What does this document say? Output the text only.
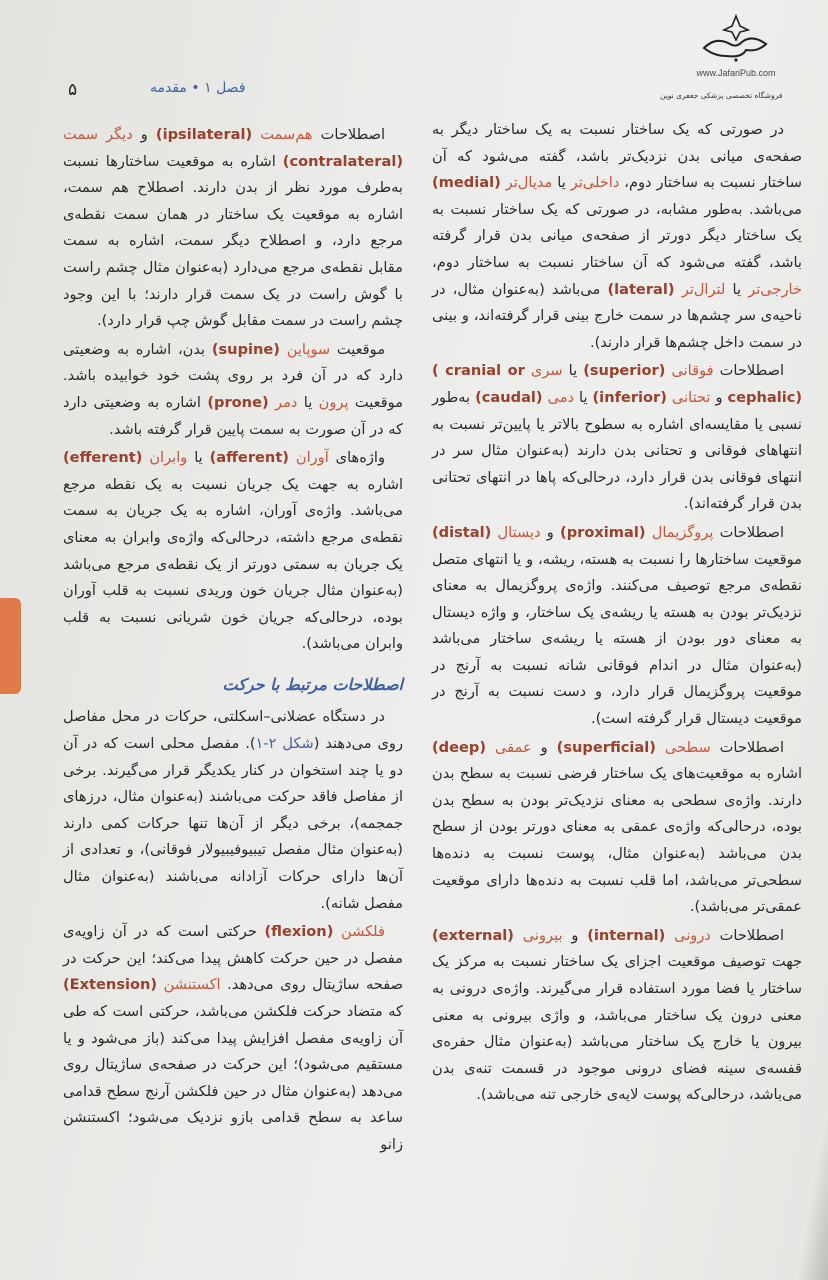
www.JafariPub.com
فروشگاه تخصصی پزشکی جعفری نوین
۵	فصل ۱ • مقدمه

در صورتی که یک ساختار نسبت به یک ساختار دیگر به صفحه‌ی میانی بدن نزدیک‌تر باشد، گفته می‌شود که آن ساختار نسبت به ساختار دوم، داخلی‌تر یا مدیال‌تر (medial) می‌باشد. به‌طور مشابه، در صورتی که یک ساختار نسبت به یک ساختار دیگر دورتر از صفحه‌ی میانی بدن قرار گرفته باشد، گفته می‌شود که آن ساختار نسبت به ساختار دوم، خارجی‌تر یا لترال‌تر (lateral) می‌باشد (به‌عنوان مثال، در ناحیه‌ی سر چشم‌ها در سمت خارج بینی قرار گرفته‌اند، و بینی در سمت داخل چشم‌ها قرار دارند).

اصطلاحات فوقانی (superior) یا سری ( cranial or cephalic) و تحتانی (inferior) یا دمی (caudal) به‌طور نسبی یا مقایسه‌ای اشاره به سطوح بالاتر یا پایین‌تر نسبت به انتهاهای فوقانی و تحتانی بدن دارند (به‌عنوان مثال سر در انتهای فوقانی بدن قرار دارد، درحالی‌که پاها در انتهای تحتانی بدن قرار گرفته‌اند).

اصطلاحات پروگزیمال (proximal) و دیستال (distal) موقعیت ساختارها را نسبت به هسته، ریشه، و یا انتهای متصل نقطه‌ی مرجع توصیف می‌کنند. واژه‌ی پروگزیمال به معنای نزدیک‌تر بودن به هسته یا ریشه‌ی یک ساختار، و واژه دیستال به معنای دور بودن از هسته یا ریشه‌ی ساختار می‌باشد (به‌عنوان مثال در اندام فوقانی شانه نسبت به آرنج در موقعیت پروگزیمال قرار دارد، و دست نسبت به آرنج در موقعیت دیستال قرار گرفته است).

اصطلاحات سطحی (superficial) و عمقی (deep) اشاره به موقعیت‌های یک ساختار فرضی نسبت به سطح بدن دارند. واژه‌ی سطحی به معنای نزدیک‌تر بودن به سطح بدن بوده، درحالی‌که واژه‌ی عمقی به معنای دورتر بودن از سطح بدن می‌باشد (به‌عنوان مثال، پوست نسبت به دنده‌ها سطحی‌تر می‌باشد، اما قلب نسبت به دنده‌ها دارای موقعیت عمقی‌تر می‌باشد).

اصطلاحات درونی (internal) و بیرونی (external) جهت توصیف موقعیت اجزای یک ساختار نسبت به مرکز یک ساختار یا فضا مورد استفاده قرار می‌گیرند. واژه‌ی درونی به معنی درون یک ساختار می‌باشد، و واژی بیرونی به معنی بیرون یا خارج یک ساختار می‌باشد (به‌عنوان مثال حفره‌ی قفسه‌ی سینه فضای درونی موجود در قسمت تنه‌ی بدن می‌باشد، درحالی‌که پوست لایه‌ی خارجی تنه می‌باشد).

اصطلاحات هم‌سمت (ipsilateral) و دیگر سمت (contralateral) اشاره به موقعیت ساختارها نسبت به‌طرف مورد نظر از بدن دارند. اصطلاح هم سمت، اشاره به موقعیت یک ساختار در همان سمت نقطه‌ی مرجع دارد، و اصطلاح دیگر سمت، اشاره به سمت مقابل نقطه‌ی مرجع می‌دارد (به‌عنوان مثال چشم راست با گوش راست در یک سمت قرار دارند؛ با این وجود چشم راست در سمت مقابل گوش چپ قرار دارد).

موقعیت سوپاین (supine) بدن، اشاره به وضعیتی دارد که در آن فرد بر روی پشت خود خوابیده باشد. موقعیت پرون یا دمر (prone) اشاره به وضعیتی دارد که در آن صورت به سمت پایین قرار گرفته باشد.

واژه‌های آوران (afferent) یا وابران (efferent) اشاره به جهت یک جریان نسبت به یک نقطه مرجع می‌باشد. واژه‌ی آوران، اشاره به یک جریان به سمت نقطه‌ی مرجع داشته، درحالی‌که واژه‌ی وابران به معنای یک جریان به سمتی دورتر از یک نقطه‌ی مرجع می‌باشد (به‌عنوان مثال جریان خون وریدی نسبت به قلب آوران بوده، درحالی‌که جریان خون شریانی نسبت به قلب وابران می‌باشد).

اصطلاحات مرتبط با حرکت

در دستگاه عضلانی–اسکلتی، حرکات در محل مفاصل روی می‌دهند (شکل ۲-۱). مفصل محلی است که در آن دو یا چند استخوان در کنار یکدیگر قرار می‌گیرند. برخی از مفاصل فاقد حرکت می‌باشند (به‌عنوان مثال، درزهای جمجمه)، برخی دیگر از آن‌ها تنها حرکات کمی دارند (به‌عنوان مثال مفصل تیبیوفیبیولار فوقانی)، و تعدادی از آن‌ها دارای حرکات آزادانه می‌باشند (به‌عنوان مثال مفصل شانه).

فلکشن (flexion) حرکتی است که در آن زاویه‌ی مفصل در حین حرکت کاهش پیدا می‌کند؛ این حرکت در صفحه ساژیتال روی می‌دهد. اکستنشن (Extension) که متضاد حرکت فلکشن می‌باشد، حرکتی است که طی آن زاویه‌ی مفصل افزایش پیدا می‌کند (باز می‌شود و یا مستقیم می‌شود)؛ این حرکت در صفحه‌ی ساژیتال روی می‌دهد (به‌عنوان مثال در حین فلکشن آرنج سطح قدامی ساعد به سطح قدامی بازو نزدیک می‌شود؛ اکستنشن زانو
